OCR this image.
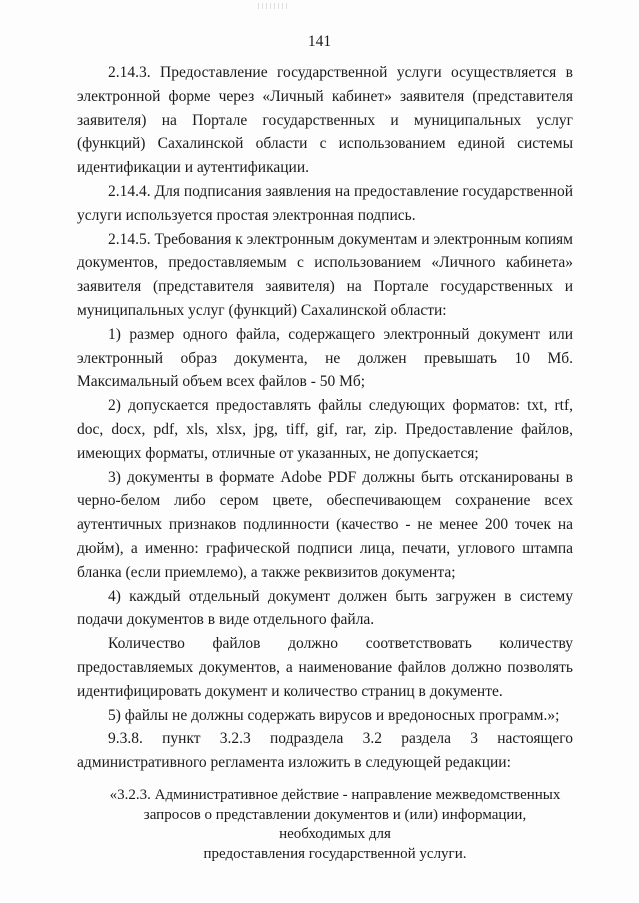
141

2.14.3. Предоставление государственной услуги осуществляется в электронной форме через «Личный кабинет» заявителя (представителя заявителя) на Портале государственных и муниципальных услуг (функций) Сахалинской области с использованием единой системы идентификации и аутентификации.

2.14.4. Для подписания заявления на предоставление государственной услуги используется простая электронная подпись.

2.14.5. Требования к электронным документам и электронным копиям документов, предоставляемым с использованием «Личного кабинета» заявителя (представителя заявителя) на Портале государственных и муниципальных услуг (функций) Сахалинской области:

1) размер одного файла, содержащего электронный документ или электронный образ документа, не должен превышать 10 Мб. Максимальный объем всех файлов - 50 Мб;

2) допускается предоставлять файлы следующих форматов: txt, rtf, doc, docx, pdf, xls, xlsx, jpg, tiff, gif, rar, zip. Предоставление файлов, имеющих форматы, отличные от указанных, не допускается;

3) документы в формате Adobe PDF должны быть отсканированы в черно-белом либо сером цвете, обеспечивающем сохранение всех аутентичных признаков подлинности (качество - не менее 200 точек на дюйм), а именно: графической подписи лица, печати, углового штампа бланка (если приемлемо), а также реквизитов документа;

4) каждый отдельный документ должен быть загружен в систему подачи документов в виде отдельного файла.

Количество файлов должно соответствовать количеству предоставляемых документов, а наименование файлов должно позволять идентифицировать документ и количество страниц в документе.

5) файлы не должны содержать вирусов и вредоносных программ.»;

9.3.8. пункт 3.2.3 подраздела 3.2 раздела 3 настоящего административного регламента изложить в следующей редакции:

«3.2.3. Административное действие - направление межведомственных

запросов о представлении документов и (или) информации, необходимых для

предоставления государственной услуги.
